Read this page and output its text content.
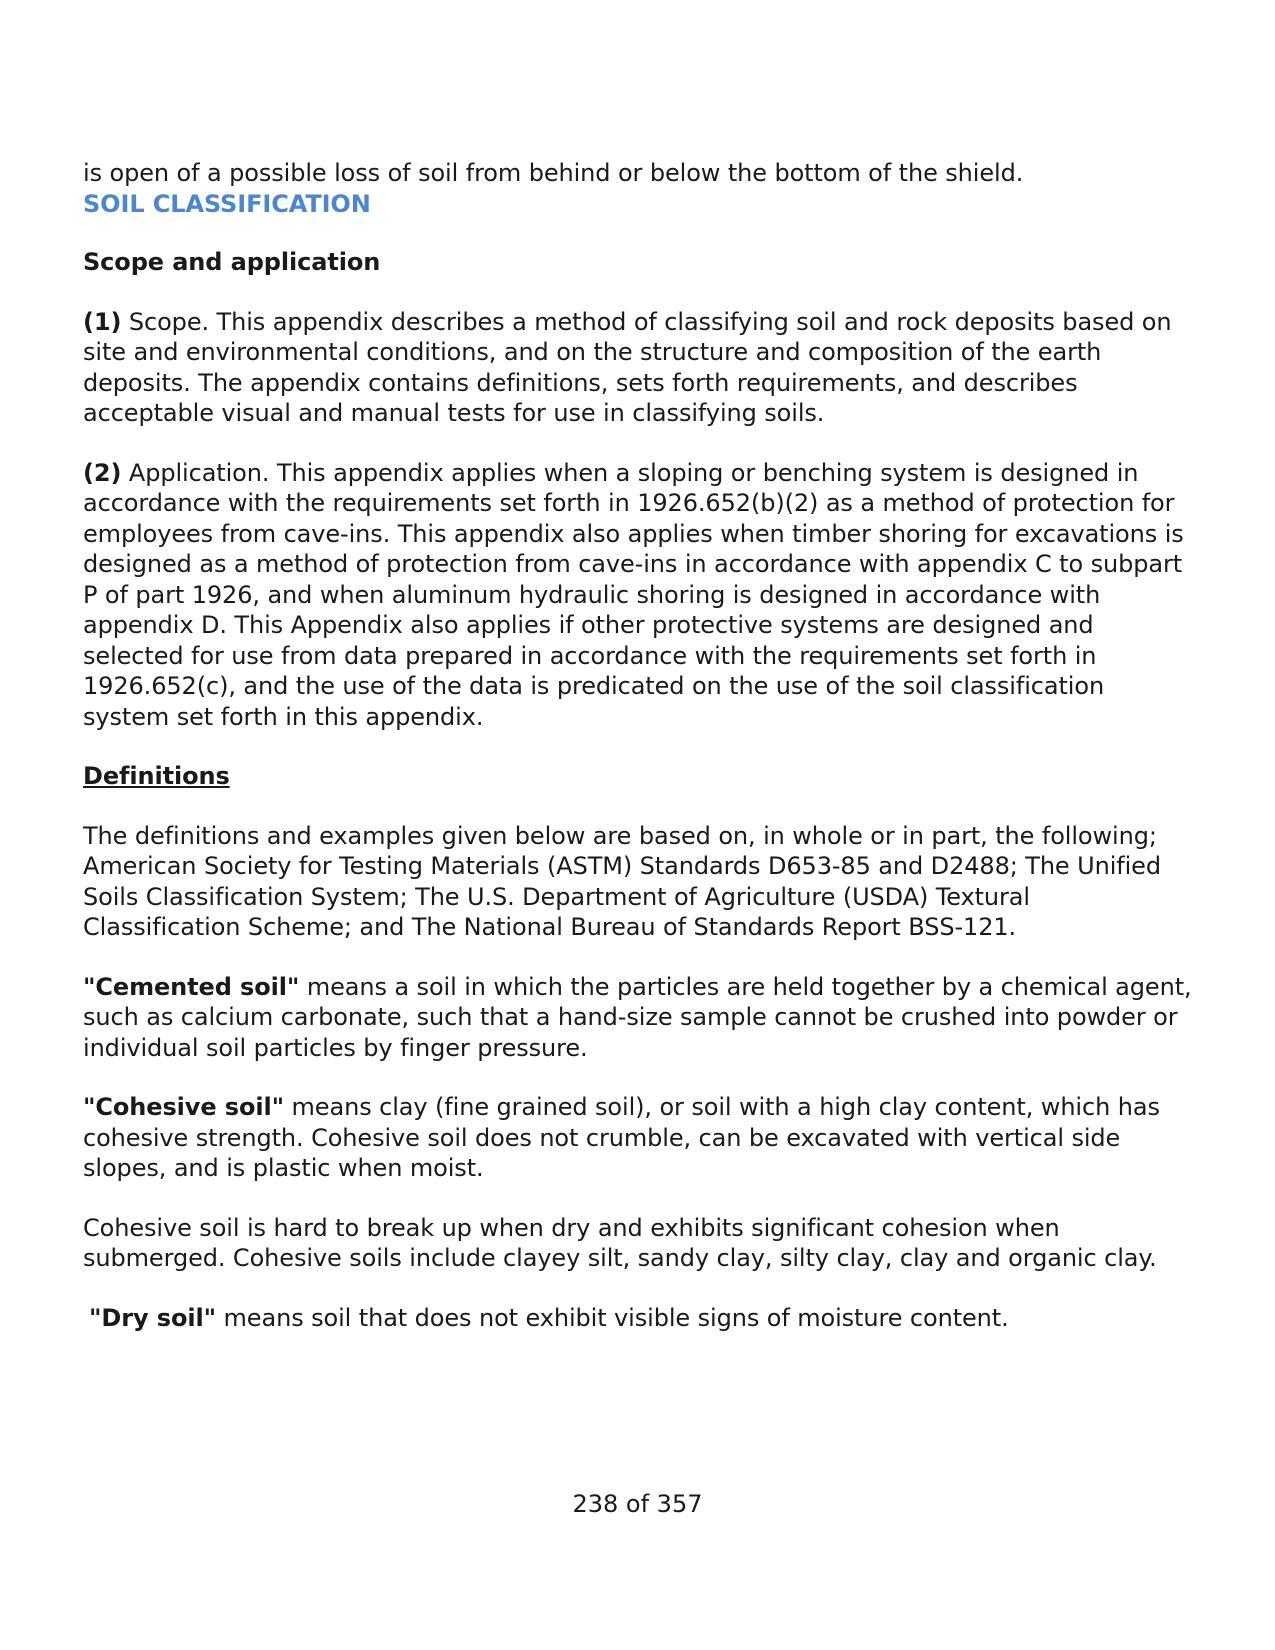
is open of a possible loss of soil from behind or below the bottom of the shield.

SOIL CLASSIFICATION

Scope and application

(1) Scope. This appendix describes a method of classifying soil and rock deposits based on site and environmental conditions, and on the structure and composition of the earth deposits. The appendix contains definitions, sets forth requirements, and describes acceptable visual and manual tests for use in classifying soils.

(2) Application. This appendix applies when a sloping or benching system is designed in accordance with the requirements set forth in 1926.652(b)(2) as a method of protection for employees from cave-ins. This appendix also applies when timber shoring for excavations is designed as a method of protection from cave-ins in accordance with appendix C to subpart P of part 1926, and when aluminum hydraulic shoring is designed in accordance with appendix D. This Appendix also applies if other protective systems are designed and selected for use from data prepared in accordance with the requirements set forth in 1926.652(c), and the use of the data is predicated on the use of the soil classification system set forth in this appendix.

Definitions

The definitions and examples given below are based on, in whole or in part, the following; American Society for Testing Materials (ASTM) Standards D653-85 and D2488; The Unified Soils Classification System; The U.S. Department of Agriculture (USDA) Textural Classification Scheme; and The National Bureau of Standards Report BSS-121.

"Cemented soil" means a soil in which the particles are held together by a chemical agent, such as calcium carbonate, such that a hand-size sample cannot be crushed into powder or individual soil particles by finger pressure.

"Cohesive soil" means clay (fine grained soil), or soil with a high clay content, which has cohesive strength. Cohesive soil does not crumble, can be excavated with vertical side slopes, and is plastic when moist.

Cohesive soil is hard to break up when dry and exhibits significant cohesion when submerged. Cohesive soils include clayey silt, sandy clay, silty clay, clay and organic clay.

"Dry soil" means soil that does not exhibit visible signs of moisture content.

238 of 357
